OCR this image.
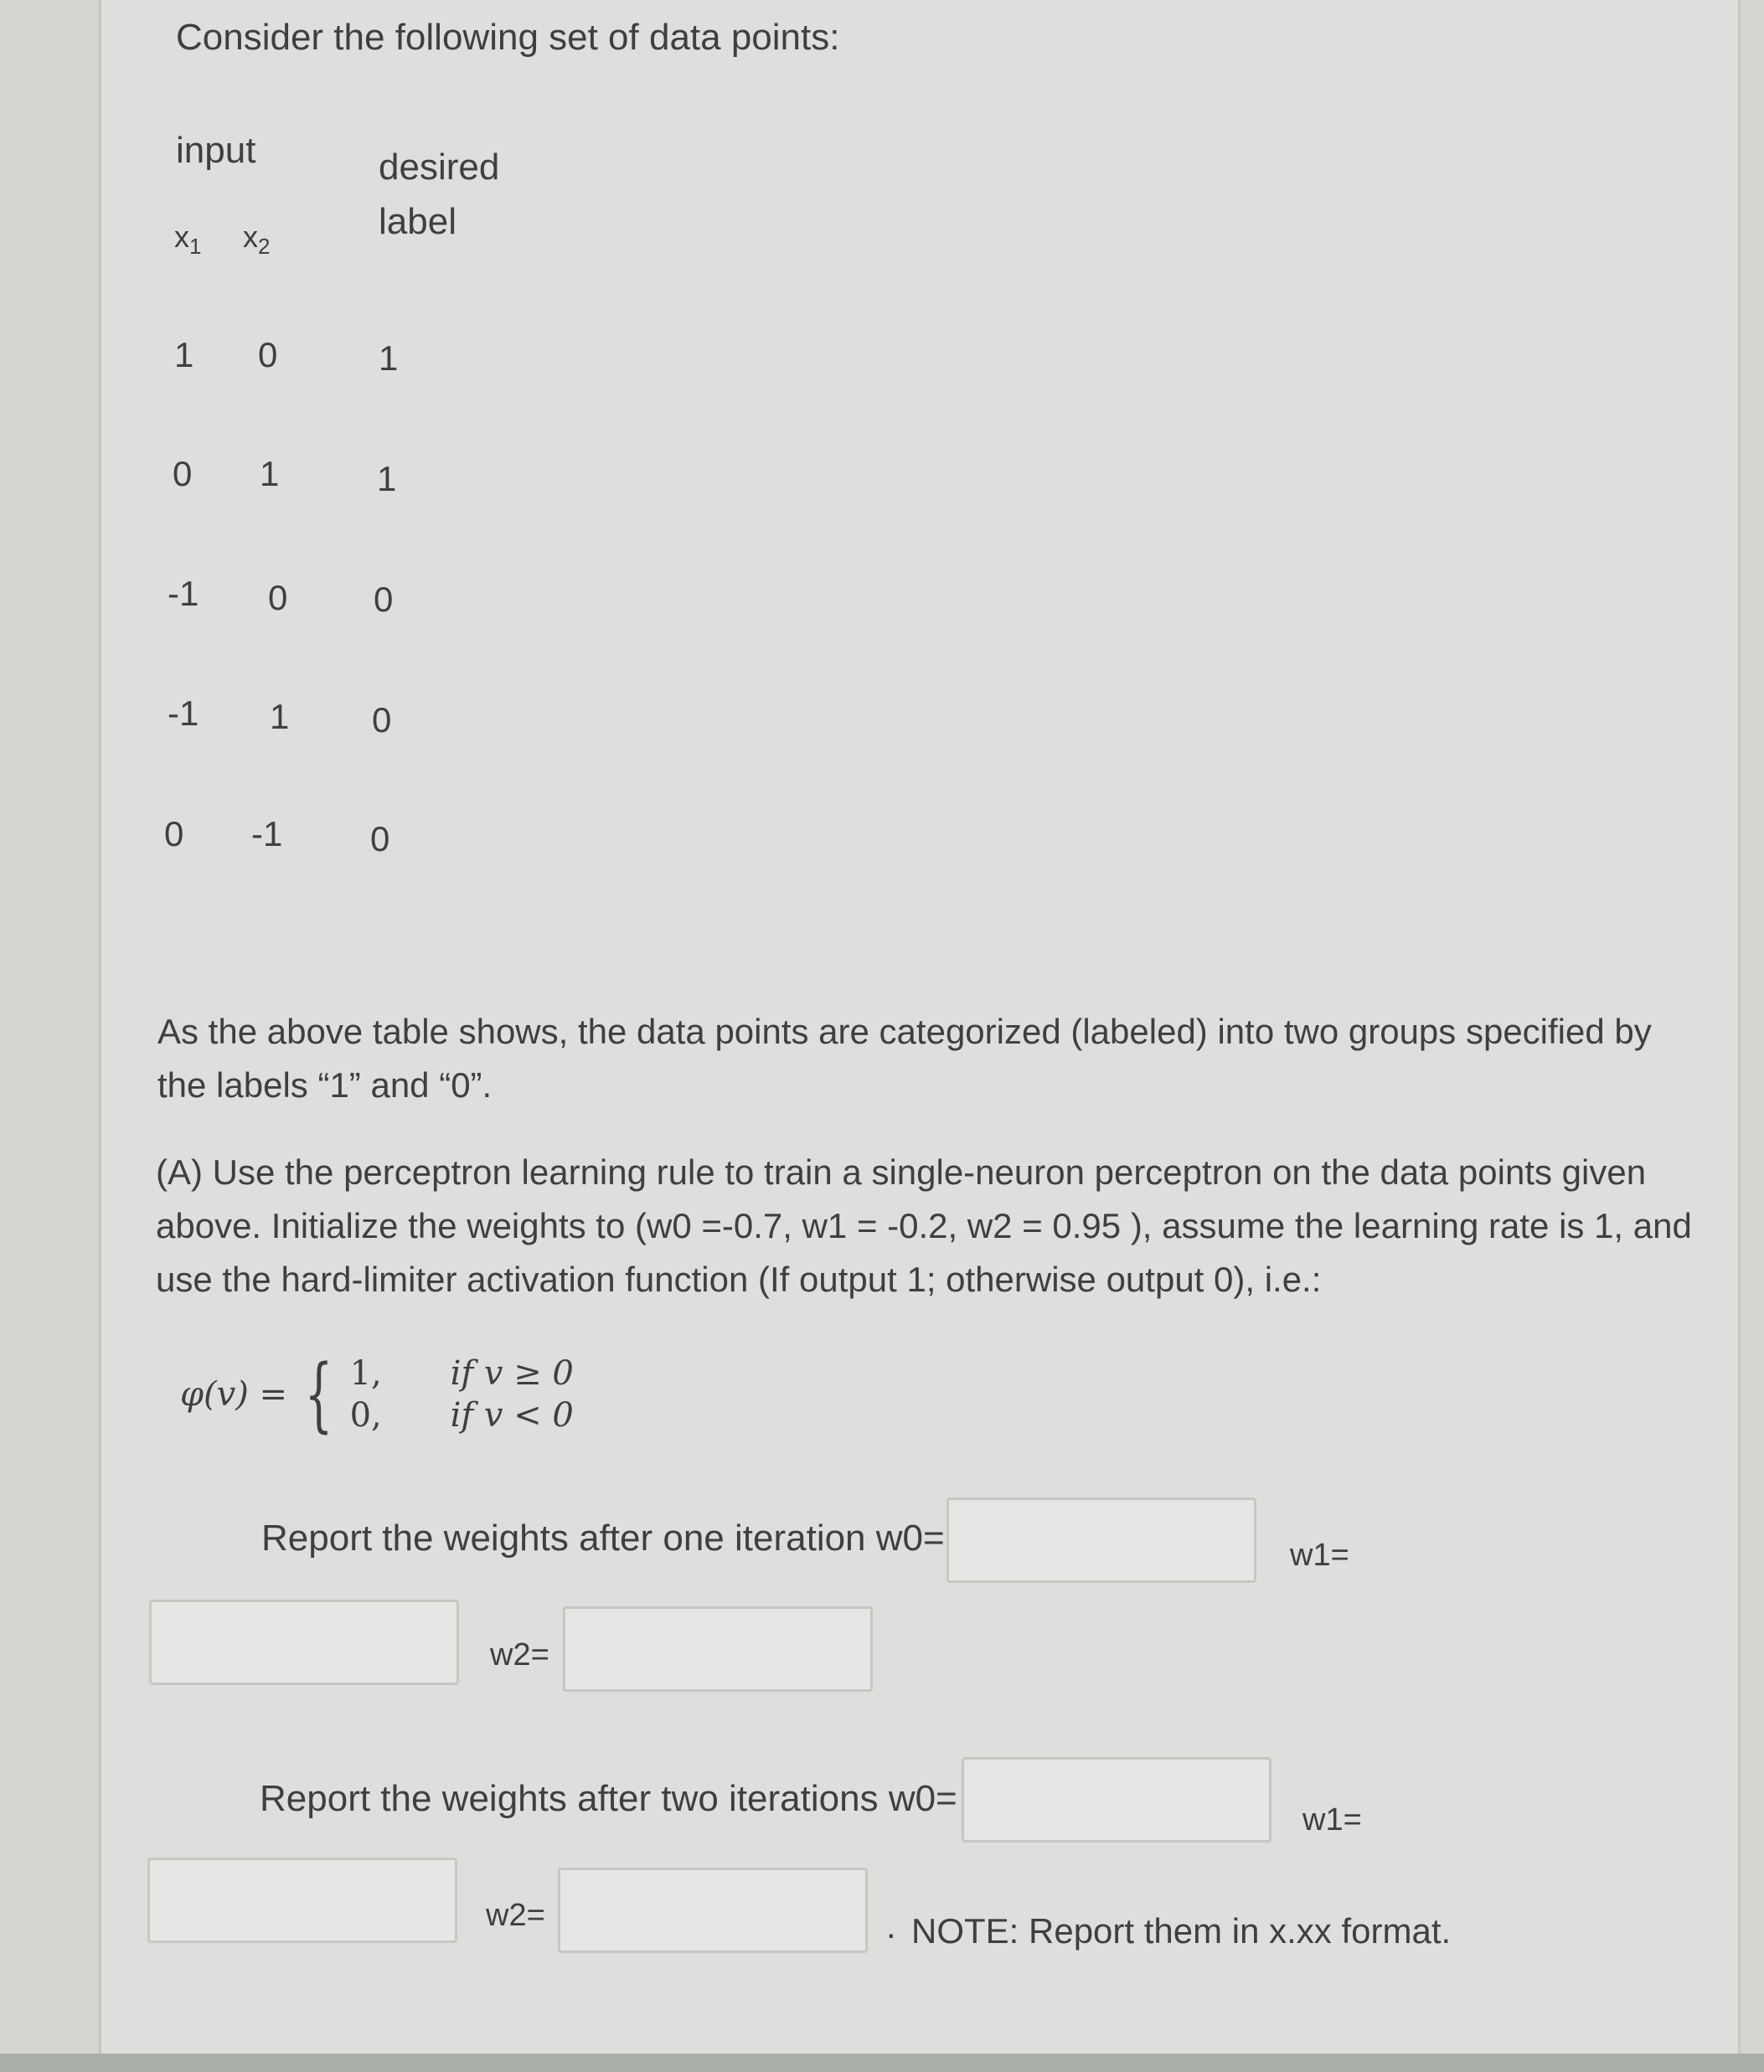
Consider the following set of data points:
input	desired
label
$x_1$ $x_2$
1 0	1
0 1	1
-1 0 0
-1 1 0
0 -1 0
As the above table shows, the data points are categorized (labeled) into two groups specified by the labels “1” and “0”.
(A) Use the perceptron learning rule to train a single-neuron perceptron on the data points given above. Initialize the weights to (w0 =-0.7, w1 = -0.2, w2 = 0.95 ), assume the learning rate is 1, and use the hard-limiter activation function (If output 1; otherwise output 0), i.e.:
φ(v) = { 1, if v ≥ 0
0, if v < 0
Report the weights after one iteration w0=	w1=
w2=
Report the weights after two iterations w0=
w1=
w2=	. NOTE: Report them in x.xx format.
